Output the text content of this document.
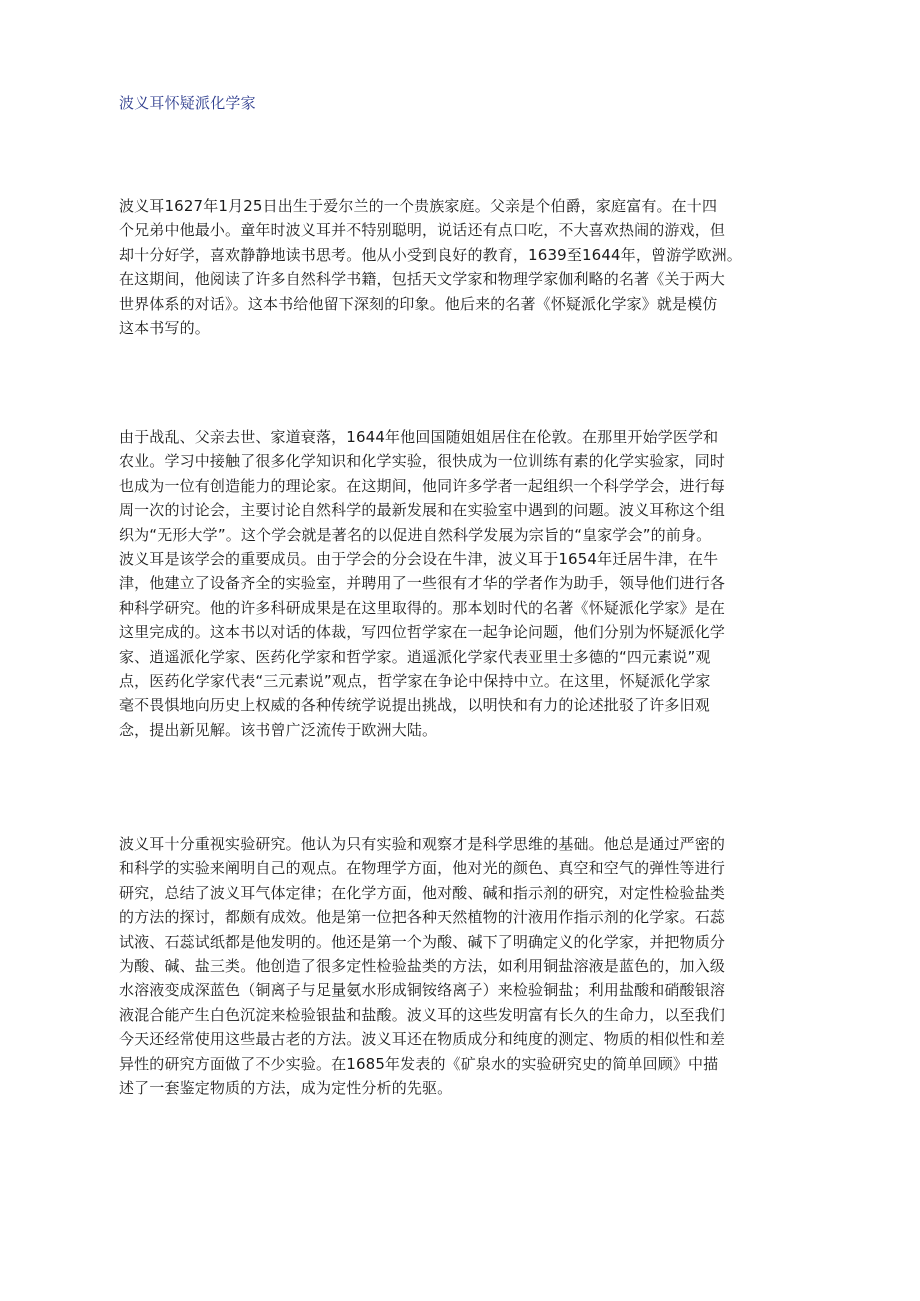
波义耳怀疑派化学家
波义耳1627年1月25日出生于爱尔兰的一个贵族家庭。父亲是个伯爵，家庭富有。在十四
个兄弟中他最小。童年时波义耳并不特别聪明，说话还有点口吃，不大喜欢热闹的游戏，但
却十分好学，喜欢静静地读书思考。他从小受到良好的教育，1639至1644年，曾游学欧洲。
在这期间，他阅读了许多自然科学书籍，包括天文学家和物理学家伽利略的名著《关于两大
世界体系的对话》。这本书给他留下深刻的印象。他后来的名著《怀疑派化学家》就是模仿
这本书写的。
由于战乱、父亲去世、家道衰落，1644年他回国随姐姐居住在伦敦。在那里开始学医学和
农业。学习中接触了很多化学知识和化学实验，很快成为一位训练有素的化学实验家，同时
也成为一位有创造能力的理论家。在这期间，他同许多学者一起组织一个科学学会，进行每
周一次的讨论会，主要讨论自然科学的最新发展和在实验室中遇到的问题。波义耳称这个组
织为“无形大学”。这个学会就是著名的以促进自然科学发展为宗旨的“皇家学会”的前身。
波义耳是该学会的重要成员。由于学会的分会设在牛津，波义耳于1654年迁居牛津，在牛
津，他建立了设备齐全的实验室，并聘用了一些很有才华的学者作为助手，领导他们进行各
种科学研究。他的许多科研成果是在这里取得的。那本划时代的名著《怀疑派化学家》是在
这里完成的。这本书以对话的体裁，写四位哲学家在一起争论问题，他们分别为怀疑派化学
家、逍遥派化学家、医药化学家和哲学家。逍遥派化学家代表亚里士多德的“四元素说”观
点，医药化学家代表“三元素说”观点，哲学家在争论中保持中立。在这里，怀疑派化学家
毫不畏惧地向历史上权威的各种传统学说提出挑战，以明快和有力的论述批驳了许多旧观
念，提出新见解。该书曾广泛流传于欧洲大陆。
波义耳十分重视实验研究。他认为只有实验和观察才是科学思维的基础。他总是通过严密的
和科学的实验来阐明自己的观点。在物理学方面，他对光的颜色、真空和空气的弹性等进行
研究，总结了波义耳气体定律；在化学方面，他对酸、碱和指示剂的研究，对定性检验盐类
的方法的探讨，都颇有成效。他是第一位把各种天然植物的汁液用作指示剂的化学家。石蕊
试液、石蕊试纸都是他发明的。他还是第一个为酸、碱下了明确定义的化学家，并把物质分
为酸、碱、盐三类。他创造了很多定性检验盐类的方法，如利用铜盐溶液是蓝色的，加入级
水溶液变成深蓝色（铜离子与足量氨水形成铜铵络离子）来检验铜盐；利用盐酸和硝酸银溶
液混合能产生白色沉淀来检验银盐和盐酸。波义耳的这些发明富有长久的生命力，以至我们
今天还经常使用这些最古老的方法。波义耳还在物质成分和纯度的测定、物质的相似性和差
异性的研究方面做了不少实验。在1685年发表的《矿泉水的实验研究史的简单回顾》中描
述了一套鉴定物质的方法，成为定性分析的先驱。
